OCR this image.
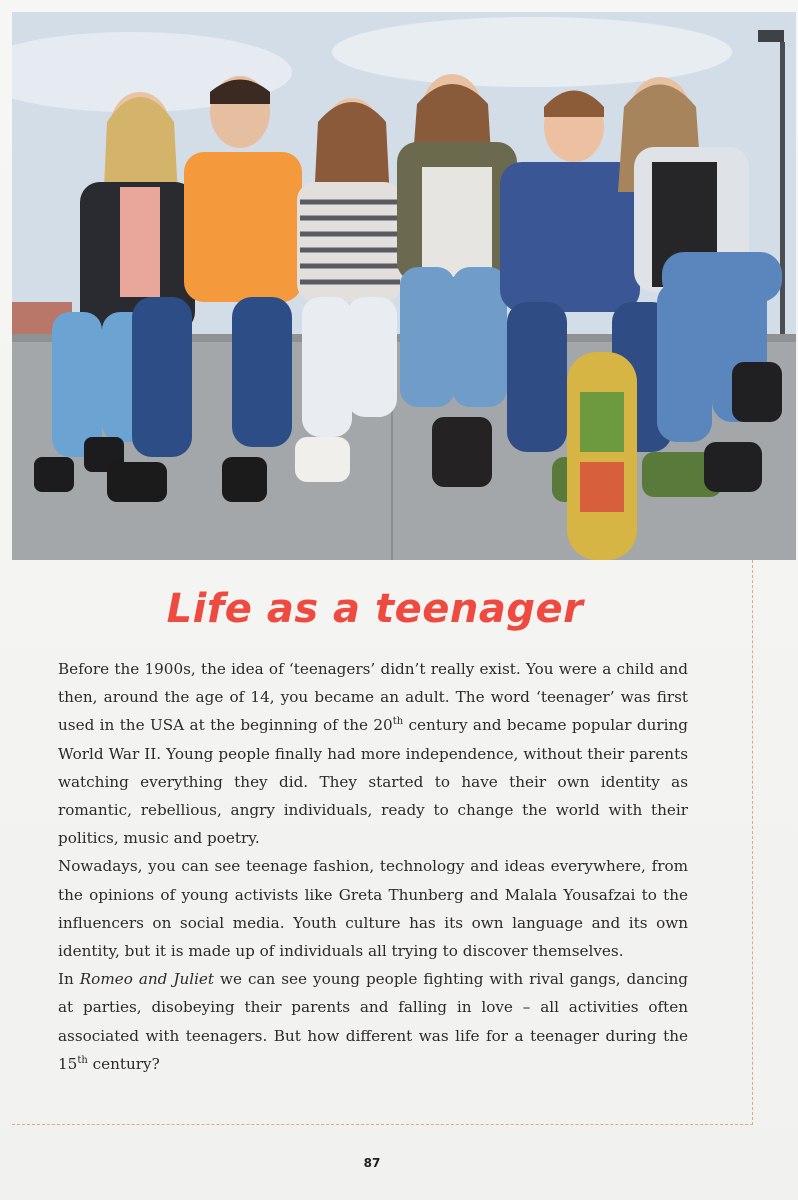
Life as a teenager

Before the 1900s, the idea of ‘teenagers’ didn’t really exist. You were a child and then, around the age of 14, you became an adult. The word ‘teenager’ was first used in the USA at the beginning of the 20th century and became popular during World War II. Young people finally had more independence, without their parents watching everything they did. They started to have their own identity as romantic, rebellious, angry individuals, ready to change the world with their politics, music and poetry.

Nowadays, you can see teenage fashion, technology and ideas everywhere, from the opinions of young activists like Greta Thunberg and Malala Yousafzai to the influencers on social media. Youth culture has its own language and its own identity, but it is made up of individuals all trying to discover themselves.

In Romeo and Juliet we can see young people fighting with rival gangs, dancing at parties, disobeying their parents and falling in love – all activities often associated with teenagers. But how different was life for a teenager during the 15th century?

87
